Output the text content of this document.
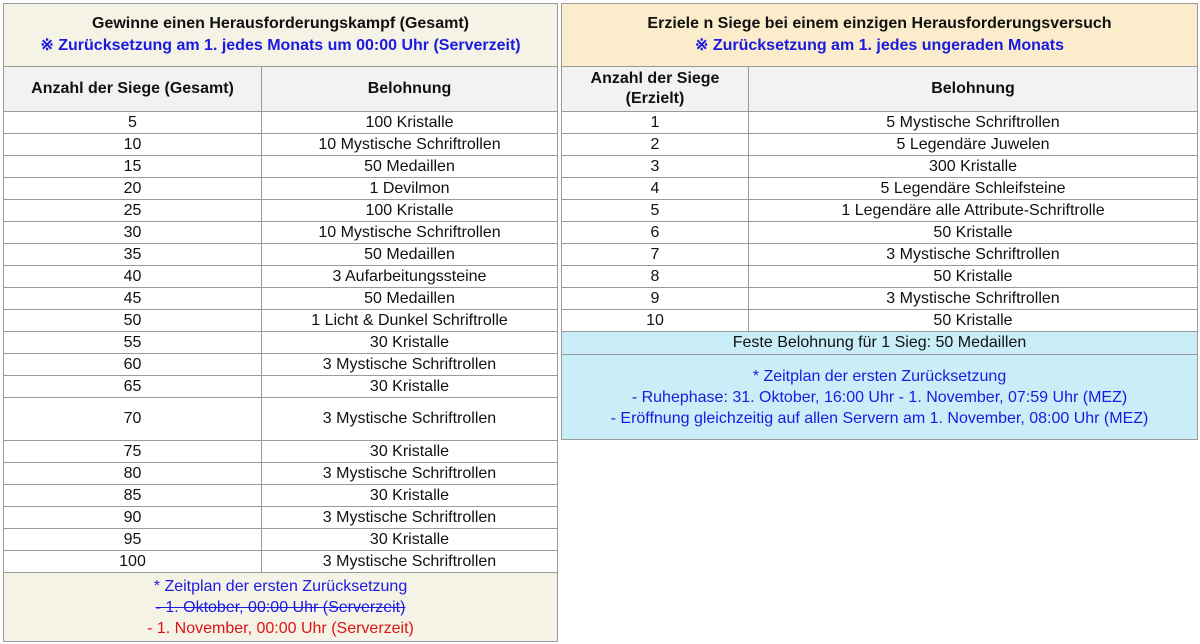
Gewinne einen Herausforderungskampf (Gesamt)
※ Zurücksetzung am 1. jedes Monats um 00:00 Uhr (Serverzeit)	

Anzahl der Siege (Gesamt)	Belohnung
5	100 Kristalle
10	10 Mystische Schriftrollen
15	50 Medaillen
20	1 Devilmon
25	100 Kristalle
30	10 Mystische Schriftrollen
35	50 Medaillen
40	3 Aufarbeitungssteine
45	50 Medaillen
50	1 Licht & Dunkel Schriftrolle
55	30 Kristalle
60	3 Mystische Schriftrollen
65	30 Kristalle
70	3 Mystische Schriftrollen
75	30 Kristalle
80	3 Mystische Schriftrollen
85	30 Kristalle
90	3 Mystische Schriftrollen
95	30 Kristalle
100	3 Mystische Schriftrollen

* Zeitplan der ersten Zurücksetzung
- 1. Oktober, 00:00 Uhr (Serverzeit)
- 1. November, 00:00 Uhr (Serverzeit)	
Erziele n Siege bei einem einzigen Herausforderungsversuch
※ Zurücksetzung am 1. jedes ungeraden Monats	

Anzahl der Siege
(Erzielt)	Belohnung
1	5 Mystische Schriftrollen
2	5 Legendäre Juwelen
3	300 Kristalle
4	5 Legendäre Schleifsteine
5	1 Legendäre alle Attribute-Schriftrolle
6	50 Kristalle
7	3 Mystische Schriftrollen
8	50 Kristalle
9	3 Mystische Schriftrollen
10	50 Kristalle
Feste Belohnung für 1 Sieg: 50 Medaillen	

* Zeitplan der ersten Zurücksetzung
- Ruhephase: 31. Oktober, 16:00 Uhr - 1. November, 07:59 Uhr (MEZ)
- Eröffnung gleichzeitig auf allen Servern am 1. November, 08:00 Uhr (MEZ)	
